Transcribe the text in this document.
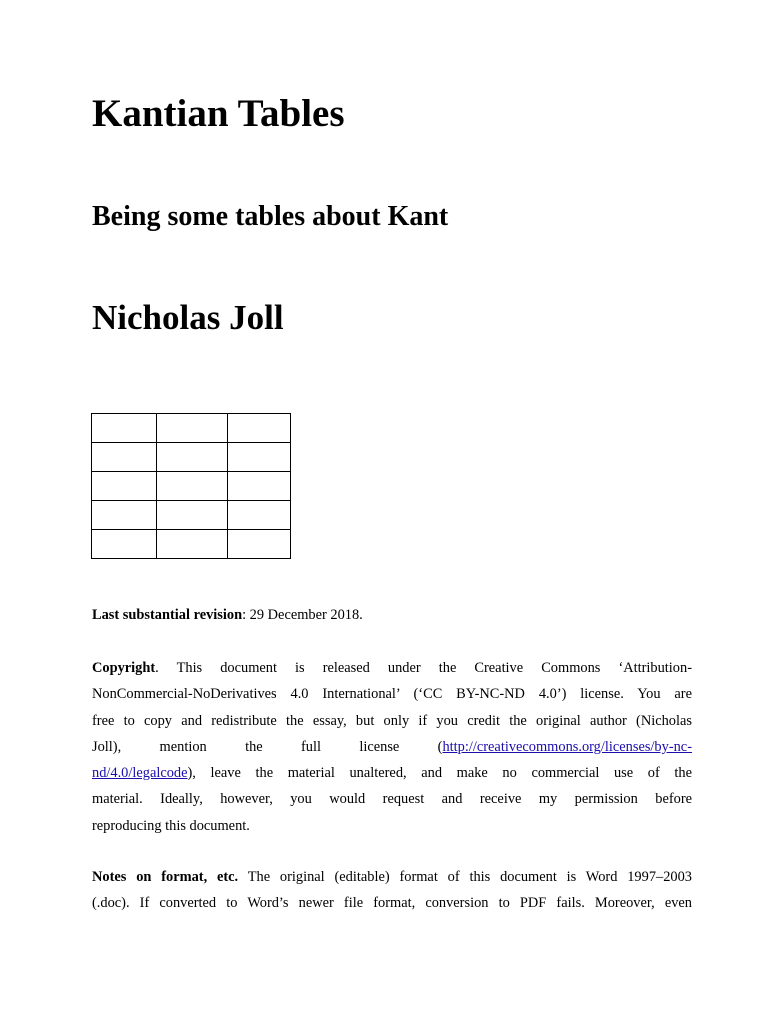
Kantian Tables
Being some tables about Kant
Nicholas Joll

Last substantial revision: 29 December 2018.

Copyright. This document is released under the Creative Commons ‘Attribution-
NonCommercial-NoDerivatives 4.0 International’ (‘CC BY-NC-ND 4.0’) license. You are
free to copy and redistribute the essay, but only if you credit the original author (Nicholas
Joll), mention the full license (http://creativecommons.org/licenses/by-nc-
nd/4.0/legalcode), leave the material unaltered, and make no commercial use of the
material. Ideally, however, you would request and receive my permission before
reproducing this document.

Notes on format, etc. The original (editable) format of this document is Word 1997–2003
(.doc). If converted to Word’s newer file format, conversion to PDF fails. Moreover, even
